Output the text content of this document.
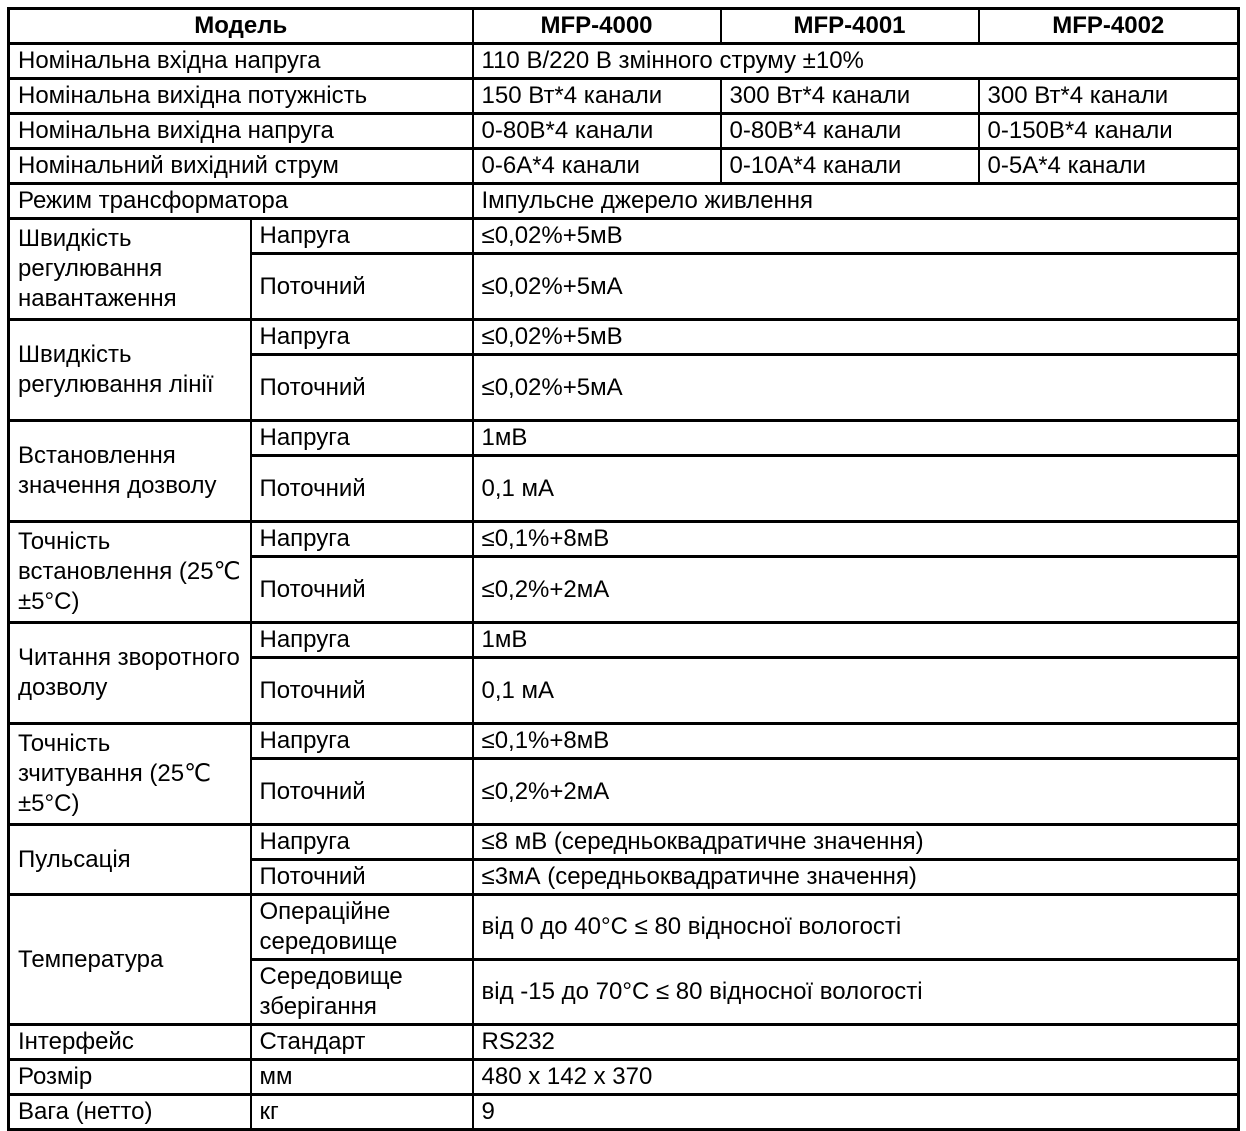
Модель		MFP-4000	MFP-4001	MFP-4002
Номінальна вхідна напруга		110 В/220 В змінного струму ±10%		
Номінальна вихідна потужність		150 Вт*4 канали	300 Вт*4 канали	300 Вт*4 канали
Номінальна вихідна напруга		0-80В*4 канали	0-80В*4 канали	0-150В*4 канали
Номінальний вихідний струм		0-6А*4 канали	0-10А*4 канали	0-5А*4 канали
Режим трансформатора		Імпульсне джерело живлення		
Швидкість регулювання навантаження	Напруга	≤0,02%+5мВ		
	Поточний	≤0,02%+5мА		
Швидкість регулювання лінії	Напруга	≤0,02%+5мВ		
	Поточний	≤0,02%+5мА		
Встановлення значення дозволу	Напруга	1мВ		
	Поточний	0,1 мА		
Точність встановлення (25℃±5°C)	Напруга	≤0,1%+8мВ		
	Поточний	≤0,2%+2мА		
Читання зворотного дозволу	Напруга	1мВ		
	Поточний	0,1 мА		
Точність зчитування (25℃±5°C)	Напруга	≤0,1%+8мВ		
	Поточний	≤0,2%+2мА		
Пульсація	Напруга	≤8 мВ (середньоквадратичне значення)		
	Поточний	≤3мА (середньоквадратичне значення)		
Температура	Операційне середовище	від 0 до 40°C ≤ 80 відносної вологості		
	Середовище зберігання	від -15 до 70°C ≤ 80 відносної вологості		
Інтерфейс	Стандарт	RS232		
Розмір	мм	480 x 142 x 370		
Вага (нетто)	кг	9		
